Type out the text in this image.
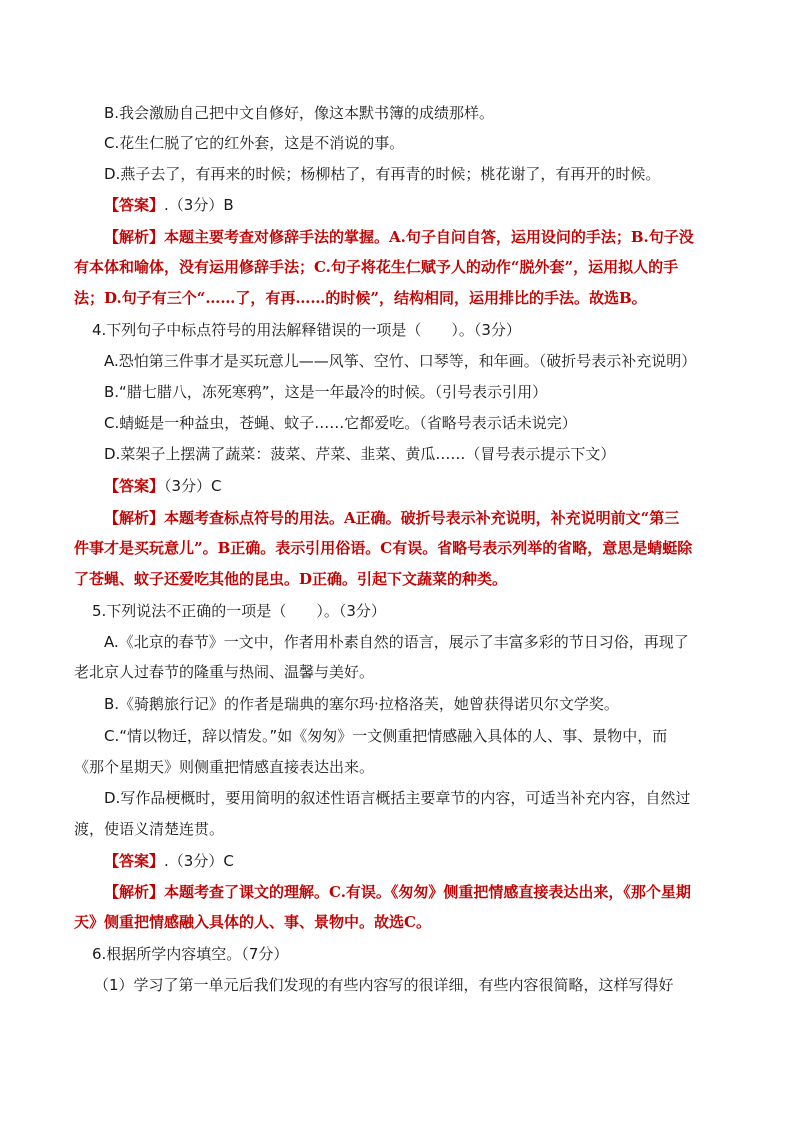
B.我会激励自己把中文自修好，像这本默书簿的成绩那样。
C.花生仁脱了它的红外套，这是不消说的事。
D.燕子去了，有再来的时候；杨柳枯了，有再青的时候；桃花谢了，有再开的时候。
【答案】.（3分）B
【解析】本题主要考查对修辞手法的掌握。A.句子自问自答，运用设问的手法；B.句子没
有本体和喻体，没有运用修辞手法；C.句子将花生仁赋予人的动作“脱外套”，运用拟人的手
法；D.句子有三个“……了，有再……的时候”，结构相同，运用排比的手法。故选B。
4.下列句子中标点符号的用法解释错误的一项是（　　）。（3分）
A.恐怕第三件事才是买玩意儿——风筝、空竹、口琴等，和年画。（破折号表示补充说明）
B.“腊七腊八，冻死寒鸦”，这是一年最冷的时候。（引号表示引用）
C.蜻蜓是一种益虫，苍蝇、蚊子……它都爱吃。（省略号表示话未说完）
D.菜架子上摆满了蔬菜：菠菜、芹菜、韭菜、黄瓜……（冒号表示提示下文）
【答案】（3分）C
【解析】本题考查标点符号的用法。A正确。破折号表示补充说明，补充说明前文“第三
件事才是买玩意儿”。B正确。表示引用俗语。C有误。省略号表示列举的省略，意思是蜻蜓除
了苍蝇、蚊子还爱吃其他的昆虫。D正确。引起下文蔬菜的种类。
5.下列说法不正确的一项是（　　）。（3分）
A.《北京的春节》一文中，作者用朴素自然的语言，展示了丰富多彩的节日习俗，再现了
老北京人过春节的隆重与热闹、温馨与美好。
B.《骑鹅旅行记》的作者是瑞典的塞尔玛·拉格洛芙，她曾获得诺贝尔文学奖。
C.“情以物迁，辞以情发。”如《匆匆》一文侧重把情感融入具体的人、事、景物中，而
《那个星期天》则侧重把情感直接表达出来。
D.写作品梗概时，要用简明的叙述性语言概括主要章节的内容，可适当补充内容，自然过
渡，使语义清楚连贯。
【答案】.（3分）C
【解析】本题考查了课文的理解。C.有误。《匆匆》侧重把情感直接表达出来，《那个星期
天》侧重把情感融入具体的人、事、景物中。故选C。
6.根据所学内容填空。（7分）
（1）学习了第一单元后我们发现的有些内容写的很详细，有些内容很简略，这样写得好
